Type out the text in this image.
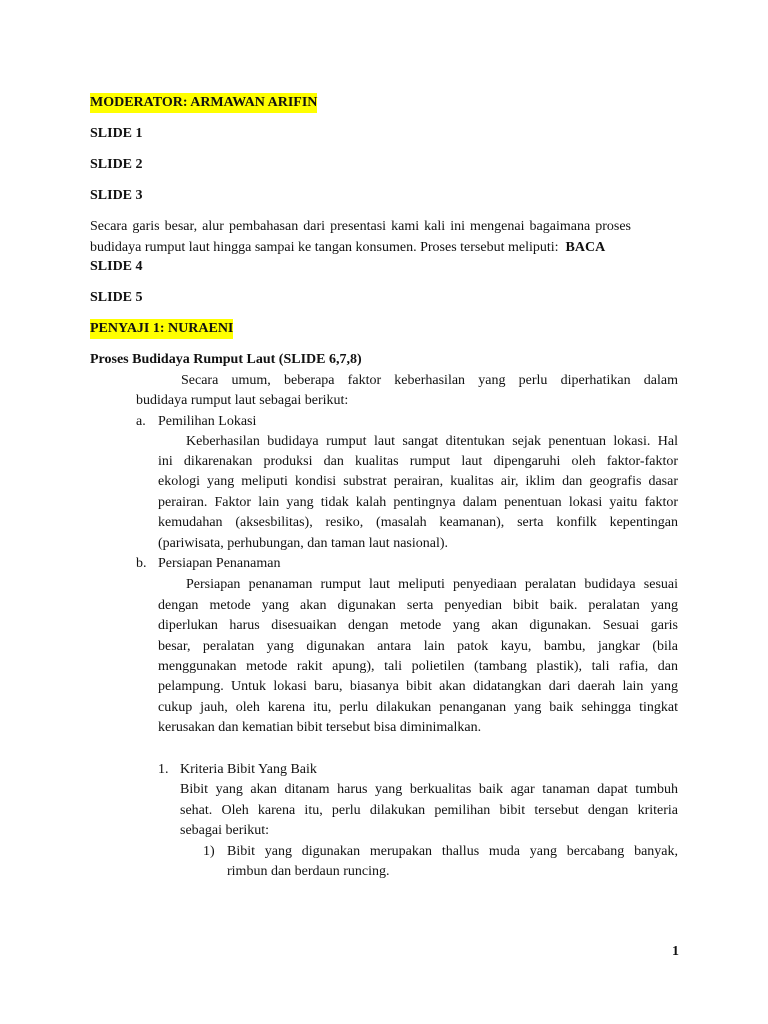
MODERATOR: ARMAWAN ARIFIN
SLIDE 1
SLIDE 2
SLIDE 3
Secara garis besar, alur pembahasan dari presentasi kami kali ini mengenai bagaimana proses
budidaya rumput laut hingga sampai ke tangan konsumen. Proses tersebut meliputi: BACA
SLIDE 4
SLIDE 5
PENYAJI 1: NURAENI
Proses Budidaya Rumput Laut (SLIDE 6,7,8)
Secara umum, beberapa faktor keberhasilan yang perlu diperhatikan dalam
budidaya rumput laut sebagai berikut:
a. Pemilihan Lokasi
Keberhasilan budidaya rumput laut sangat ditentukan sejak penentuan lokasi. Hal
ini dikarenakan produksi dan kualitas rumput laut dipengaruhi oleh faktor-faktor
ekologi yang meliputi kondisi substrat perairan, kualitas air, iklim dan geografis dasar
perairan. Faktor lain yang tidak kalah pentingnya dalam penentuan lokasi yaitu faktor
kemudahan (aksesbilitas), resiko, (masalah keamanan), serta konfilk kepentingan
(pariwisata, perhubungan, dan taman laut nasional).
b. Persiapan Penanaman
Persiapan penanaman rumput laut meliputi penyediaan peralatan budidaya sesuai
dengan metode yang akan digunakan serta penyedian bibit baik. peralatan yang
diperlukan harus disesuaikan dengan metode yang akan digunakan. Sesuai garis
besar, peralatan yang digunakan antara lain patok kayu, bambu, jangkar (bila
menggunakan metode rakit apung), tali polietilen (tambang plastik), tali rafia, dan
pelampung. Untuk lokasi baru, biasanya bibit akan didatangkan dari daerah lain yang
cukup jauh, oleh karena itu, perlu dilakukan penanganan yang baik sehingga tingkat
kerusakan dan kematian bibit tersebut bisa diminimalkan.
1. Kriteria Bibit Yang Baik
Bibit yang akan ditanam harus yang berkualitas baik agar tanaman dapat tumbuh
sehat. Oleh karena itu, perlu dilakukan pemilihan bibit tersebut dengan kriteria
sebagai berikut:
1) Bibit yang digunakan merupakan thallus muda yang bercabang banyak,
rimbun dan berdaun runcing.
1
